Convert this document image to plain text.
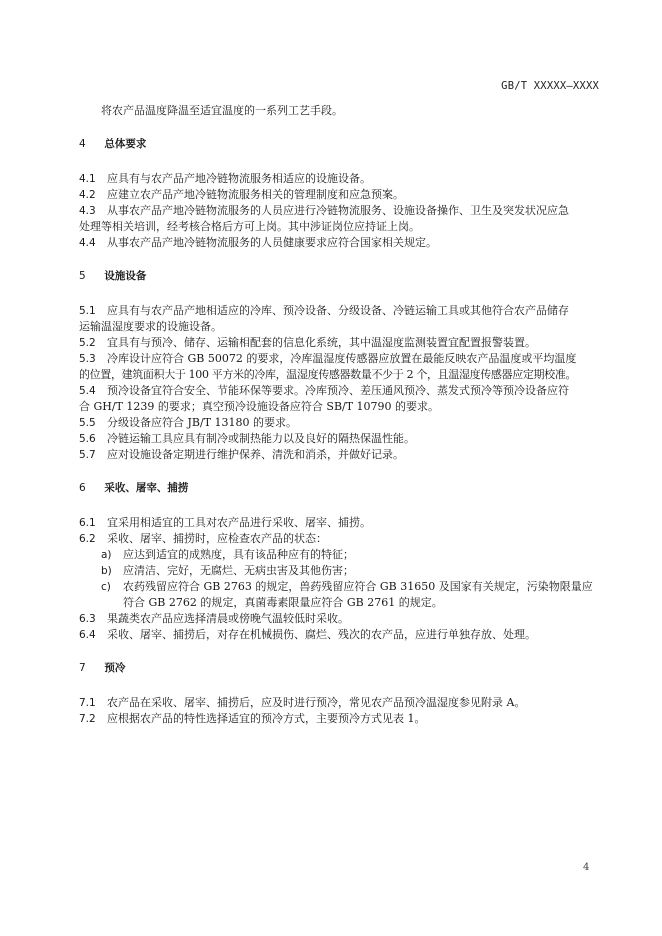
GB/T XXXXX—XXXX
将农产品温度降温至适宜温度的一系列工艺手段。
4 总体要求
4.1 应具有与农产品产地冷链物流服务相适应的设施设备。
4.2 应建立农产品产地冷链物流服务相关的管理制度和应急预案。
4.3 从事农产品产地冷链物流服务的人员应进行冷链物流服务、设施设备操作、卫生及突发状况应急
处理等相关培训，经考核合格后方可上岗。其中涉证岗位应持证上岗。
4.4 从事农产品产地冷链物流服务的人员健康要求应符合国家相关规定。
5 设施设备
5.1 应具有与农产品产地相适应的冷库、预冷设备、分级设备、冷链运输工具或其他符合农产品储存
运输温湿度要求的设施设备。
5.2 宜具有与预冷、储存、运输相配套的信息化系统，其中温湿度监测装置宜配置报警装置。
5.3 冷库设计应符合 GB 50072 的要求，冷库温湿度传感器应放置在最能反映农产品温度或平均温度
的位置，建筑面积大于 100 平方米的冷库，温湿度传感器数量不少于 2 个，且温湿度传感器应定期校准。
5.4 预冷设备宜符合安全、节能环保等要求。冷库预冷、差压通风预冷、蒸发式预冷等预冷设备应符
合 GH/T 1239 的要求；真空预冷设施设备应符合 SB/T 10790 的要求。
5.5 分级设备应符合 JB/T 13180 的要求。
5.6 冷链运输工具应具有制冷或制热能力以及良好的隔热保温性能。
5.7 应对设施设备定期进行维护保养、清洗和消杀，并做好记录。
6 采收、屠宰、捕捞
6.1 宜采用相适宜的工具对农产品进行采收、屠宰、捕捞。
6.2 采收、屠宰、捕捞时，应检查农产品的状态：
a) 应达到适宜的成熟度，具有该品种应有的特征；
b) 应清洁、完好，无腐烂、无病虫害及其他伤害；
c) 农药残留应符合 GB 2763 的规定，兽药残留应符合 GB 31650 及国家有关规定，污染物限量应
符合 GB 2762 的规定，真菌毒素限量应符合 GB 2761 的规定。
6.3 果蔬类农产品应选择清晨或傍晚气温较低时采收。
6.4 采收、屠宰、捕捞后，对存在机械损伤、腐烂、残次的农产品，应进行单独存放、处理。
7 预冷
7.1 农产品在采收、屠宰、捕捞后，应及时进行预冷，常见农产品预冷温湿度参见附录 A。
7.2 应根据农产品的特性选择适宜的预冷方式，主要预冷方式见表 1。
4
